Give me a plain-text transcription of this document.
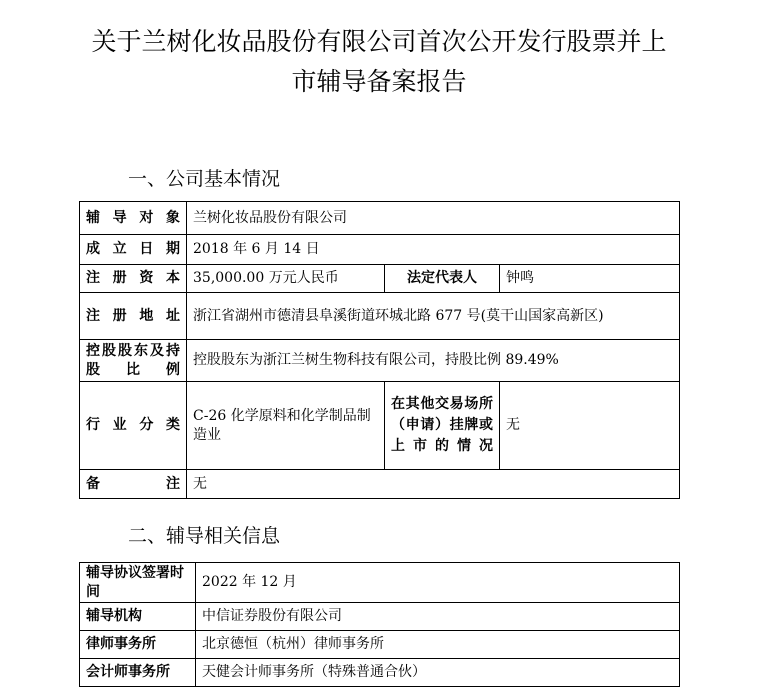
关于兰树化妆品股份有限公司首次公开发行股票并上
市辅导备案报告
一、公司基本情况
辅导对象	兰树化妆品股份有限公司		
成立日期	2018 年 6 月 14 日		
注册资本	35,000.00 万元人民币	法定代表人	钟鸣
注册地址	浙江省湖州市德清县阜溪街道环城北路 677 号(莫干山国家高新区)		
控股股东及持股比例	控股股东为浙江兰树生物科技有限公司，持股比例 89.49%		
行业分类	C-26 化学原料和化学制品制造业	在其他交易场所（申请）挂牌或上市的情况	无
备注	无		
二、辅导相关信息
辅导协议签署时间	2022 年 12 月
辅导机构	中信证券股份有限公司
律师事务所	北京德恒（杭州）律师事务所
会计师事务所	天健会计师事务所（特殊普通合伙）
